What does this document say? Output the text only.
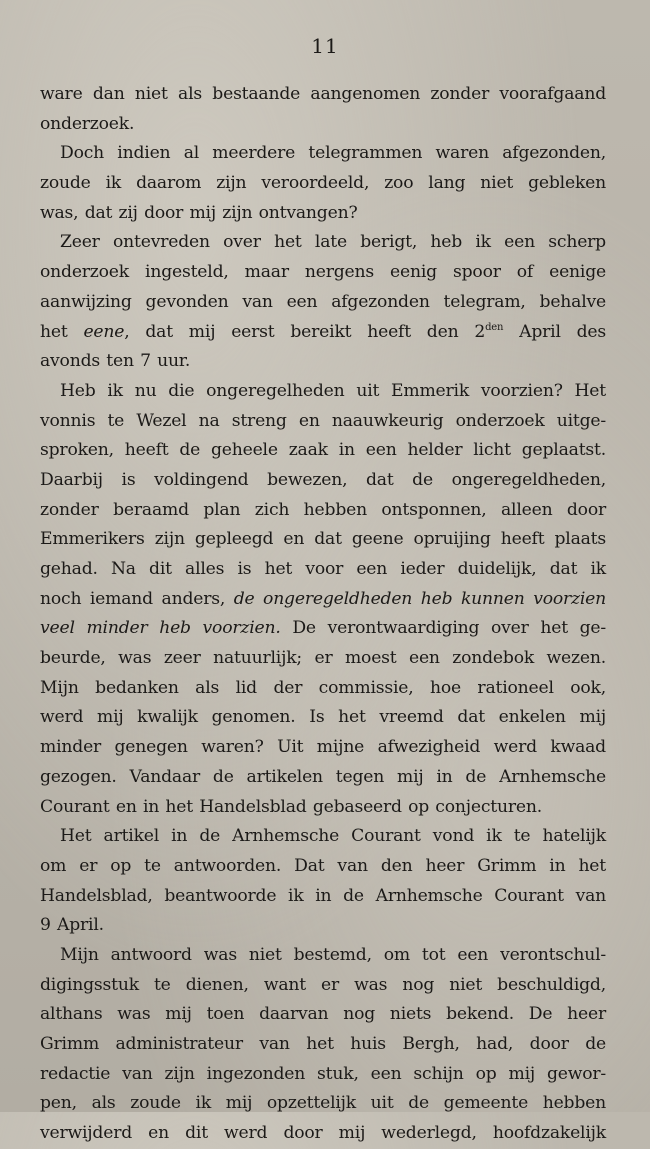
11
ware dan niet als bestaande aangenomen zonder voorafgaand
onderzoek.
Doch indien al meerdere telegrammen waren afgezonden,
zoude ik daarom zijn veroordeeld, zoo lang niet gebleken
was, dat zij door mij zijn ontvangen?
Zeer ontevreden over het late berigt, heb ik een scherp
onderzoek ingesteld, maar nergens eenig spoor of eenige
aanwijzing gevonden van een afgezonden telegram, behalve
het eene, dat mij eerst bereikt heeft den $2^{den}$ April des
avonds ten 7 uur.
Heb ik nu die ongeregelheden uit Emmerik voorzien? Het
vonnis te Wezel na streng en naauwkeurig onderzoek uitge-
sproken, heeft de geheele zaak in een helder licht geplaatst.
Daarbij is voldingend bewezen, dat de ongeregeldheden,
zonder beraamd plan zich hebben ontsponnen, alleen door
Emmerikers zijn gepleegd en dat geene opruijing heeft plaats
gehad. Na dit alles is het voor een ieder duidelijk, dat ik
noch iemand anders, de ongeregeldheden heb kunnen voorzien
veel minder heb voorzien. De verontwaardiging over het ge-
beurde, was zeer natuurlijk; er moest een zondebok wezen.
Mijn bedanken als lid der commissie, hoe rationeel ook,
werd mij kwalijk genomen. Is het vreemd dat enkelen mij
minder genegen waren? Uit mijne afwezigheid werd kwaad
gezogen. Vandaar de artikelen tegen mij in de Arnhemsche
Courant en in het Handelsblad gebaseerd op conjecturen.
Het artikel in de Arnhemsche Courant vond ik te hatelijk
om er op te antwoorden. Dat van den heer Grimm in het
Handelsblad, beantwoorde ik in de Arnhemsche Courant van
9 April.
Mijn antwoord was niet bestemd, om tot een verontschul-
digingsstuk te dienen, want er was nog niet beschuldigd,
althans was mij toen daarvan nog niets bekend. De heer
Grimm administrateur van het huis Bergh, had, door de
redactie van zijn ingezonden stuk, een schijn op mij gewor-
pen, als zoude ik mij opzettelijk uit de gemeente hebben
verwijderd en dit werd door mij wederlegd, hoofdzakelijk
